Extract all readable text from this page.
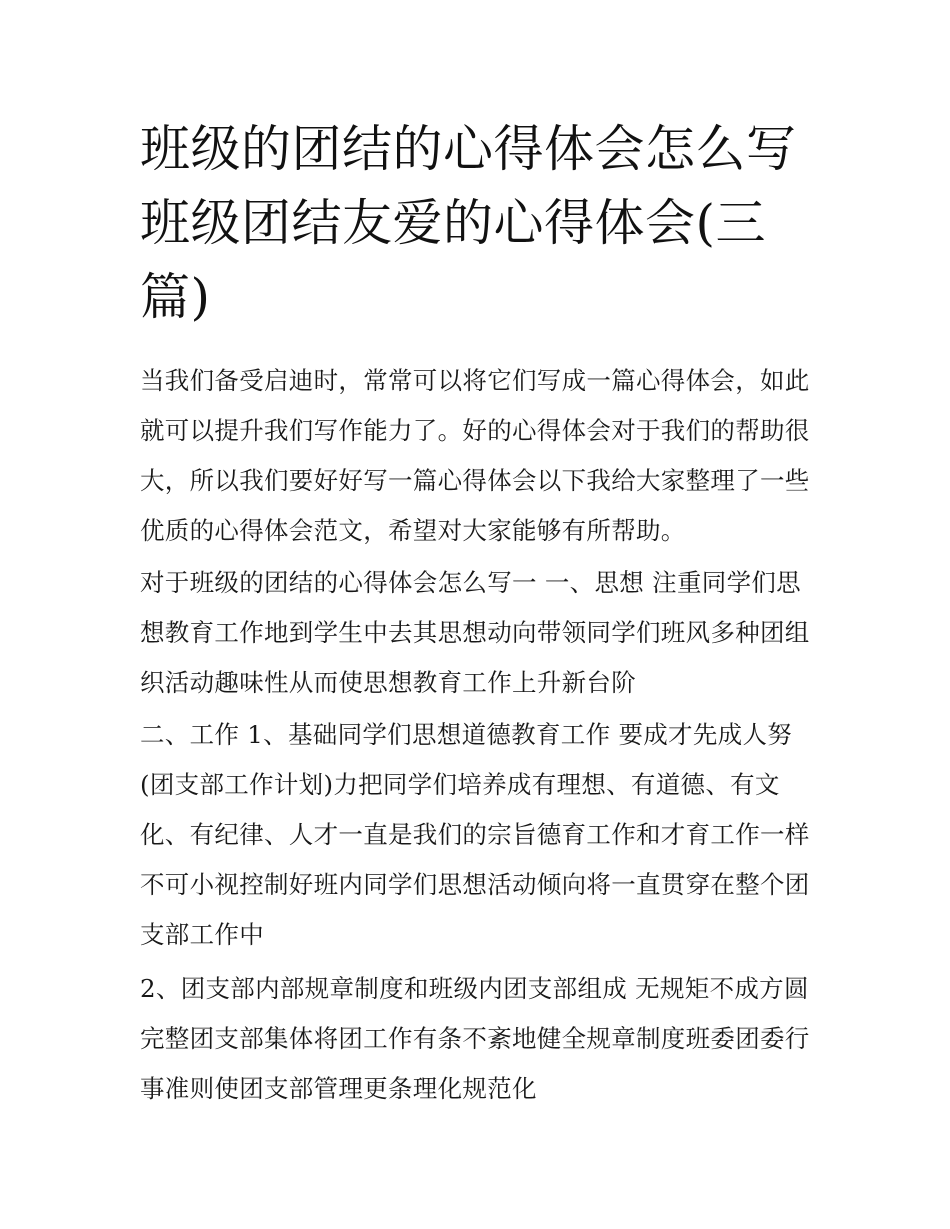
班级的团结的心得体会怎么写班级团结友爱的心得体会(三篇)

当我们备受启迪时，常常可以将它们写成一篇心得体会，如此就可以提升我们写作能力了。好的心得体会对于我们的帮助很大，所以我们要好好写一篇心得体会以下我给大家整理了一些优质的心得体会范文，希望对大家能够有所帮助。

对于班级的团结的心得体会怎么写一 一、思想 注重同学们思想教育工作地到学生中去其思想动向带领同学们班风多种团组织活动趣味性从而使思想教育工作上升新台阶

二、工作 1、基础同学们思想道德教育工作 要成才先成人努(团支部工作计划)力把同学们培养成有理想、有道德、有文化、有纪律、人才一直是我们的宗旨德育工作和才育工作一样不可小视控制好班内同学们思想活动倾向将一直贯穿在整个团支部工作中

2、团支部内部规章制度和班级内团支部组成 无规矩不成方圆完整团支部集体将团工作有条不紊地健全规章制度班委团委行事准则使团支部管理更条理化规范化
